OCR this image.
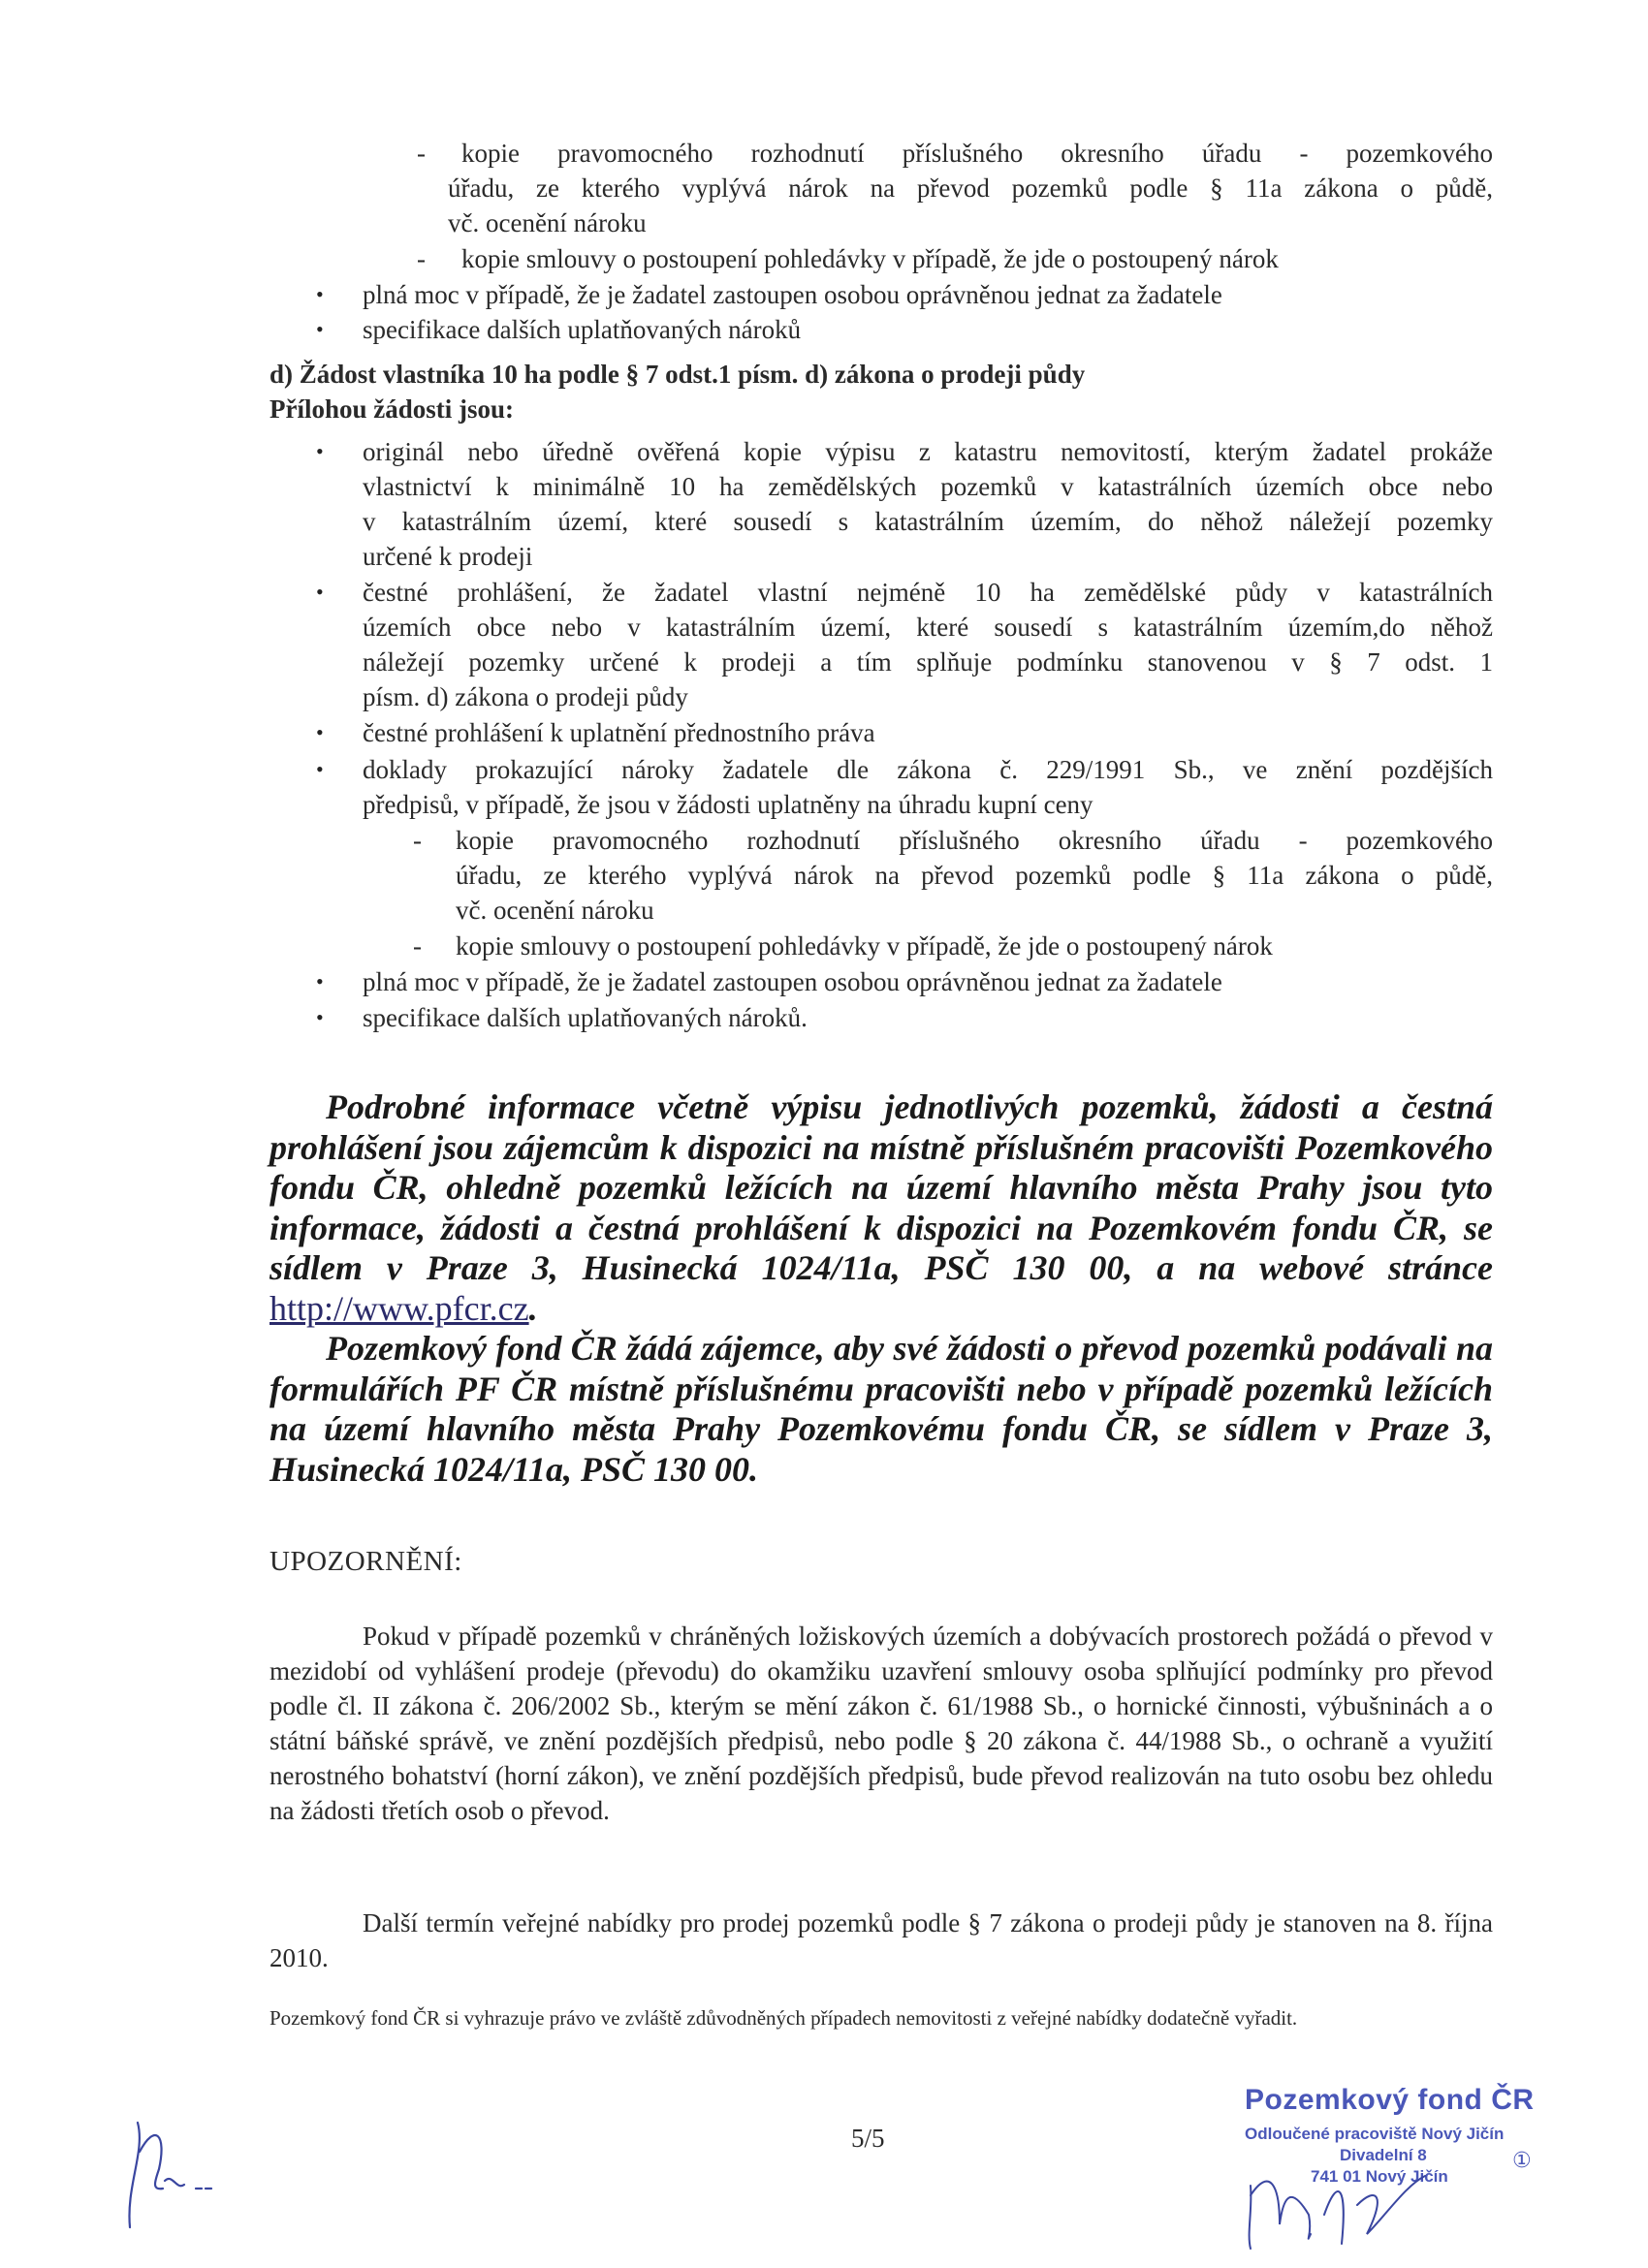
- kopie pravomocného rozhodnutí příslušného okresního úřadu - pozemkového
úřadu, ze kterého vyplývá nárok na převod pozemků podle § 11a zákona o půdě,
vč. ocenění nároku
- kopie smlouvy o postoupení pohledávky v případě, že jde o postoupený nárok
• plná moc v případě, že je žadatel zastoupen osobou oprávněnou jednat za žadatele
• specifikace dalších uplatňovaných nároků
d) Žádost vlastníka 10 ha podle § 7 odst.1 písm. d) zákona o prodeji půdy
Přílohou žádosti jsou:
• originál nebo úředně ověřená kopie výpisu z katastru nemovitostí, kterým žadatel prokáže
vlastnictví k minimálně 10 ha zemědělských pozemků v katastrálních územích obce nebo
v katastrálním území, které sousedí s katastrálním územím, do něhož náležejí pozemky
určené k prodeji
• čestné prohlášení, že žadatel vlastní nejméně 10 ha zemědělské půdy v katastrálních
územích obce nebo v katastrálním území, které sousedí s katastrálním územím,do něhož
náležejí pozemky určené k prodeji a tím splňuje podmínku stanovenou v § 7 odst. 1
písm. d) zákona o prodeji půdy
• čestné prohlášení k uplatnění přednostního práva
• doklady prokazující nároky žadatele dle zákona č. 229/1991 Sb., ve znění pozdějších
předpisů, v případě, že jsou v žádosti uplatněny na úhradu kupní ceny
- kopie pravomocného rozhodnutí příslušného okresního úřadu - pozemkového
úřadu, ze kterého vyplývá nárok na převod pozemků podle § 11a zákona o půdě,
vč. ocenění nároku
- kopie smlouvy o postoupení pohledávky v případě, že jde o postoupený nárok
• plná moc v případě, že je žadatel zastoupen osobou oprávněnou jednat za žadatele
• specifikace dalších uplatňovaných nároků.

Podrobné informace včetně výpisu jednotlivých pozemků, žádosti a čestná prohlášení jsou zájemcům k dispozici na místně příslušném pracovišti Pozemkového fondu ČR, ohledně pozemků ležících na území hlavního města Prahy jsou tyto informace, žádosti a čestná prohlášení k dispozici na Pozemkovém fondu ČR, se sídlem v Praze 3, Husinecká 1024/11a, PSČ 130 00, a na webové stránce http://www.pfcr.cz.

Pozemkový fond ČR žádá zájemce, aby své žádosti o převod pozemků podávali na formulářích PF ČR místně příslušnému pracovišti nebo v případě pozemků ležících na území hlavního města Prahy Pozemkovému fondu ČR, se sídlem v Praze 3, Husinecká 1024/11a, PSČ 130 00.

UPOZORNĚNÍ:
Pokud v případě pozemků v chráněných ložiskových územích a dobývacích prostorech požádá o převod v mezidobí od vyhlášení prodeje (převodu) do okamžiku uzavření smlouvy osoba splňující podmínky pro převod podle čl. II zákona č. 206/2002 Sb., kterým se mění zákon č. 61/1988 Sb., o hornické činnosti, výbušninách a o státní báňské správě, ve znění pozdějších předpisů, nebo podle § 20 zákona č. 44/1988 Sb., o ochraně a využití nerostného bohatství (horní zákon), ve znění pozdějších předpisů, bude převod realizován na tuto osobu bez ohledu na žádosti třetích osob o převod.
Další termín veřejné nabídky pro prodej pozemků podle § 7 zákona o prodeji půdy je stanoven na 8. října 2010.
Pozemkový fond ČR si vyhrazuje právo ve zvláště zdůvodněných případech nemovitosti z veřejné nabídky dodatečně vyřadit.
5/5
Pozemkový fond ČR
Odloučené pracoviště Nový Jičín
Divadelní 8
741 01 Nový Jičín
①
